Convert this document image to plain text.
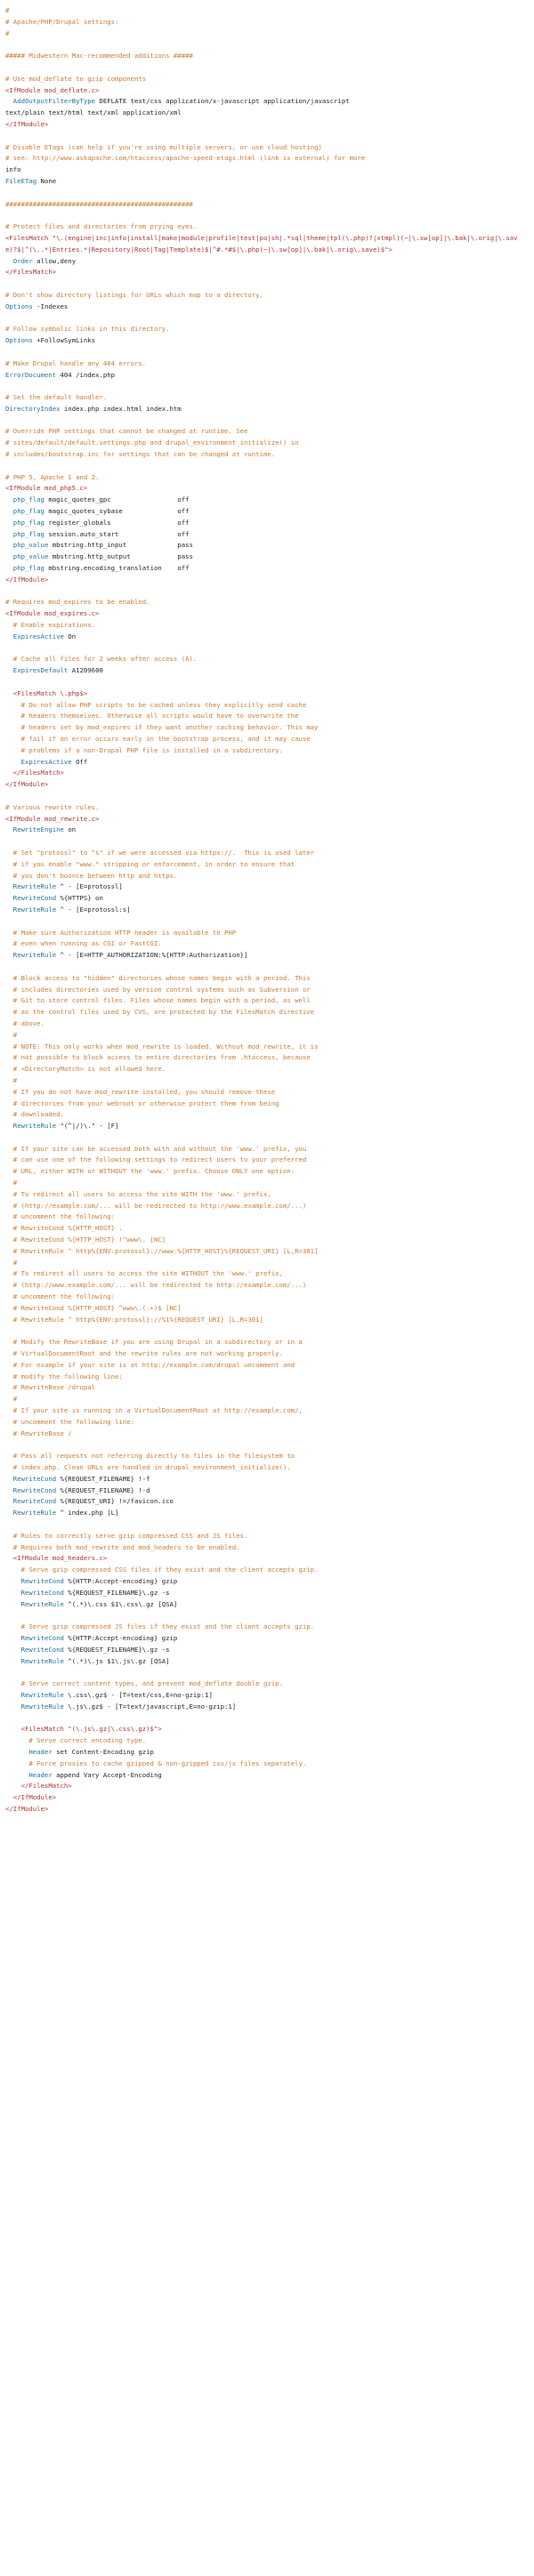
#
# Apache/PHP/Drupal settings:
#
##### Midwestern Mac-recommended additions #####
# Use mod_deflate to gzip components
<IfModule mod_deflate.c>
AddOutputFilterByType DEFLATE text/css application/x-javascript application/javascript
text/plain text/html text/xml application/xml
</IfModule>
# Disable ETags (can help if you're using multiple servers, or use cloud hosting)
# see: http://www.askapache.com/htaccess/apache-speed-etags.html (link is external) for more
info
FileETag None
################################################
# Protect files and directories from prying eyes.
<FilesMatch "\.(engine|inc|info|install|make|module|profile|test|po|sh|.*sql|theme|tpl(\.php)?|xtmpl)(~|\.sw[op]|\.bak|\.orig|\.save)?$|^(\..*|Entries.*|Repository|Root|Tag|Template)$|^#.*#$|\.php(~|\.sw[op]|\.bak|\.orig\.save)$">
Order allow,deny
</FilesMatch>
# Don't show directory listings for URLs which map to a directory.
Options -Indexes
# Follow symbolic links in this directory.
Options +FollowSymLinks
# Make Drupal handle any 404 errors.
ErrorDocument 404 /index.php
# Set the default handler.
DirectoryIndex index.php index.html index.htm
# Override PHP settings that cannot be changed at runtime. See
# sites/default/default.settings.php and drupal_environment_initialize() in
# includes/bootstrap.inc for settings that can be changed at runtime.
# PHP 5, Apache 1 and 2.
<IfModule mod_php5.c>
php_flag magic_quotes_gpc                 off
php_flag magic_quotes_sybase              off
php_flag register_globals                 off
php_flag session.auto_start               off
php_value mbstring.http_input             pass
php_value mbstring.http_output            pass
php_flag mbstring.encoding_translation    off
</IfModule>
# Requires mod_expires to be enabled.
<IfModule mod_expires.c>
# Enable expirations.
ExpiresActive On
# Cache all files for 2 weeks after access (A).
ExpiresDefault A1209600
<FilesMatch \.php$>
# Do not allow PHP scripts to be cached unless they explicitly send cache
# headers themselves. Otherwise all scripts would have to overwrite the
# headers set by mod_expires if they want another caching behavior. This may
# fail if an error occurs early in the bootstrap process, and it may cause
# problems if a non-Drupal PHP file is installed in a subdirectory.
ExpiresActive Off
</FilesMatch>
</IfModule>
# Various rewrite rules.
<IfModule mod_rewrite.c>
RewriteEngine on
# Set "protossl" to "s" if we were accessed via https://.  This is used later
# if you enable "www." stripping or enforcement, in order to ensure that
# you don't bounce between http and https.
RewriteRule ^ - [E=protossl]
RewriteCond %{HTTPS} on
RewriteRule ^ - [E=protossl:s]
# Make sure Authorization HTTP header is available to PHP
# even when running as CGI or FastCGI.
RewriteRule ^ - [E=HTTP_AUTHORIZATION:%{HTTP:Authorization}]
# Block access to "hidden" directories whose names begin with a period. This
# includes directories used by version control systems such as Subversion or
# Git to store control files. Files whose names begin with a period, as well
# as the control files used by CVS, are protected by the FilesMatch directive
# above.
#
# NOTE: This only works when mod_rewrite is loaded. Without mod_rewrite, it is
# not possible to block access to entire directories from .htaccess, because
# <DirectoryMatch> is not allowed here.
#
# If you do not have mod_rewrite installed, you should remove these
# directories from your webroot or otherwise protect them from being
# downloaded.
RewriteRule "(^|/)\." - [F]
# If your site can be accessed both with and without the 'www.' prefix, you
# can use one of the following settings to redirect users to your preferred
# URL, either WITH or WITHOUT the 'www.' prefix. Choose ONLY one option:
#
# To redirect all users to access the site WITH the 'www.' prefix,
# (http://example.com/... will be redirected to http://www.example.com/...)
# uncomment the following:
# RewriteCond %{HTTP_HOST} .
# RewriteCond %{HTTP_HOST} !^www\. [NC]
# RewriteRule ^ http%{ENV:protossl}://www.%{HTTP_HOST}%{REQUEST_URI} [L,R=301]
#
# To redirect all users to access the site WITHOUT the 'www.' prefix,
# (http://www.example.com/... will be redirected to http://example.com/...)
# uncomment the following:
# RewriteCond %{HTTP_HOST} ^www\.(.+)$ [NC]
# RewriteRule ^ http%{ENV:protossl}://%1%{REQUEST_URI} [L,R=301]
# Modify the RewriteBase if you are using Drupal in a subdirectory or in a
# VirtualDocumentRoot and the rewrite rules are not working properly.
# For example if your site is at http://example.com/drupal uncomment and
# modify the following line:
# RewriteBase /drupal
#
# If your site is running in a VirtualDocumentRoot at http://example.com/,
# uncomment the following line:
# RewriteBase /
# Pass all requests not referring directly to files in the filesystem to
# index.php. Clean URLs are handled in drupal_environment_initialize().
RewriteCond %{REQUEST_FILENAME} !-f
RewriteCond %{REQUEST_FILENAME} !-d
RewriteCond %{REQUEST_URI} !=/favicon.ico
RewriteRule ^ index.php [L]
# Rules to correctly serve gzip compressed CSS and JS files.
# Requires both mod_rewrite and mod_headers to be enabled.
<IfModule mod_headers.c>
# Serve gzip compressed CSS files if they exist and the client accepts gzip.
RewriteCond %{HTTP:Accept-encoding} gzip
RewriteCond %{REQUEST_FILENAME}\.gz -s
RewriteRule ^(.*)\.css $1\.css\.gz [QSA]
# Serve gzip compressed JS files if they exist and the client accepts gzip.
RewriteCond %{HTTP:Accept-encoding} gzip
RewriteCond %{REQUEST_FILENAME}\.gz -s
RewriteRule ^(.*)\.js $1\.js\.gz [QSA]
# Serve correct content types, and prevent mod_deflate double gzip.
RewriteRule \.css\.gz$ - [T=text/css,E=no-gzip:1]
RewriteRule \.js\.gz$ - [T=text/javascript,E=no-gzip:1]
<FilesMatch "(\.js\.gz|\.css\.gz)$">
# Serve correct encoding type.
Header set Content-Encoding gzip
# Force proxies to cache gzipped & non-gzipped css/js files separately.
Header append Vary Accept-Encoding
</FilesMatch>
</IfModule>
</IfModule>
